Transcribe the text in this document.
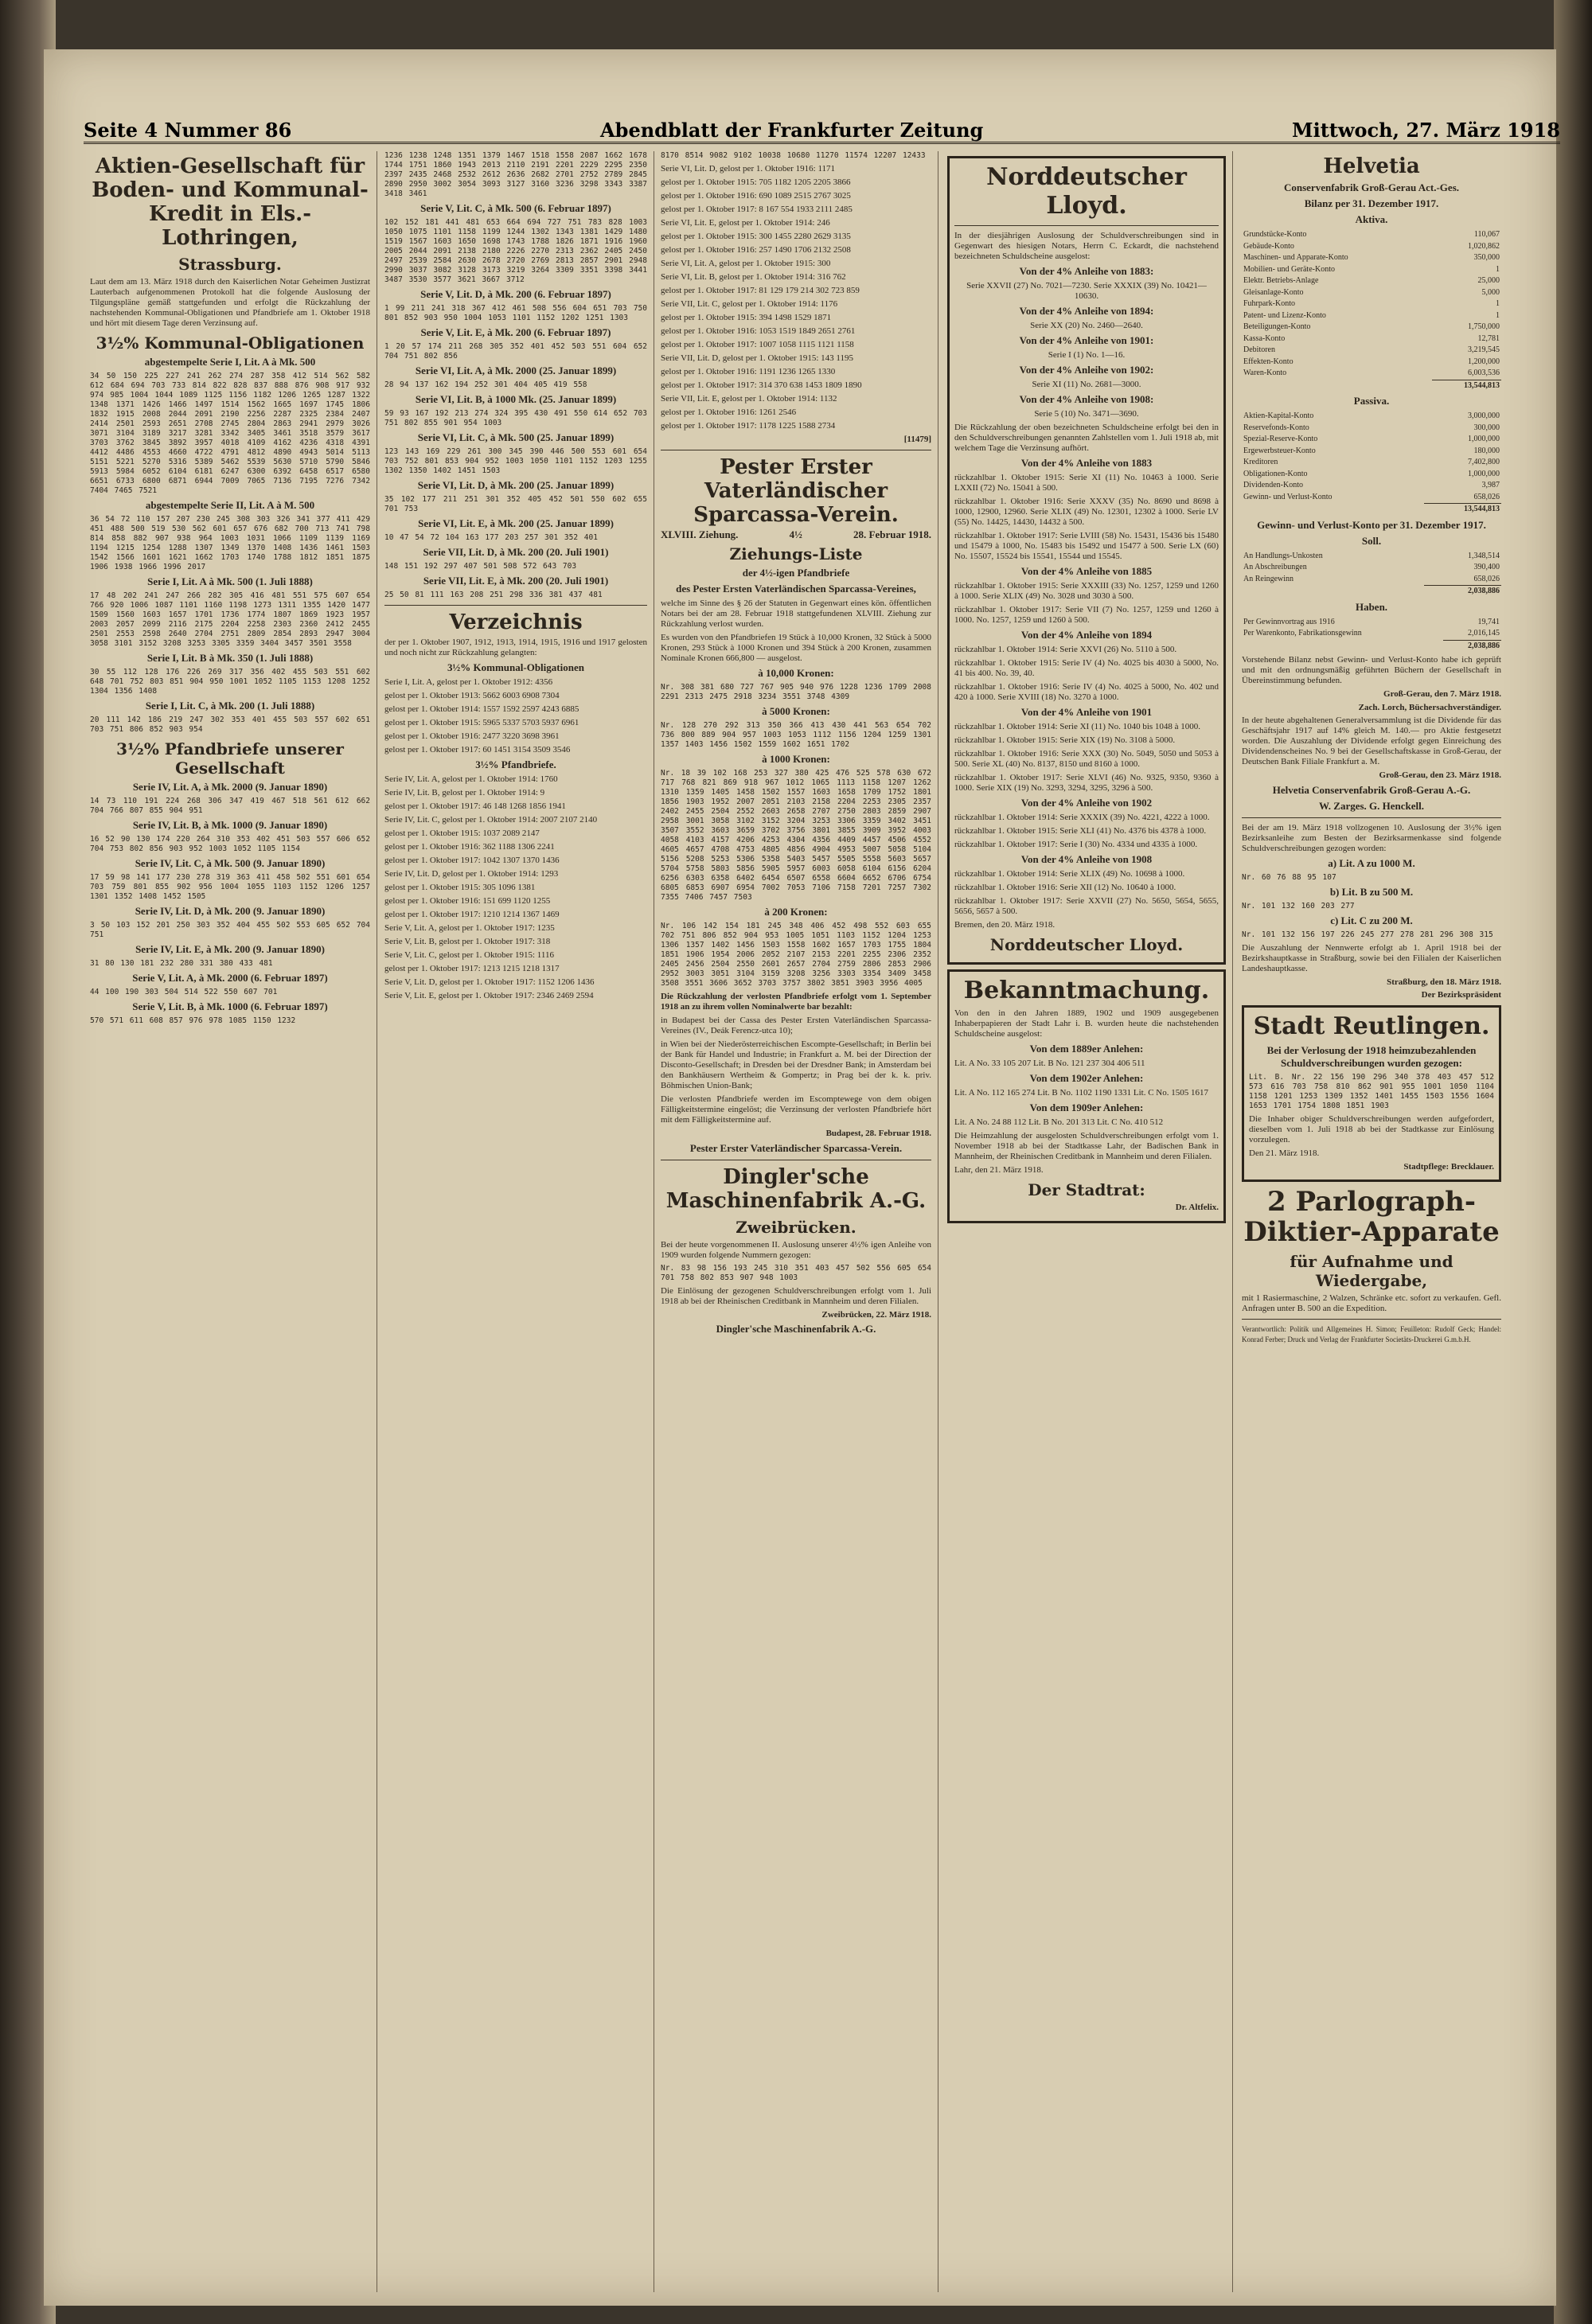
Seite 4 Nummer 86	Abendblatt der Frankfurter Zeitung	Mittwoch, 27. März 1918
Aktien-Gesellschaft für Boden- und Kommunal-Kredit in Els.-Lothringen,
Strassburg.
Laut dem am 13. März 1918 durch den Kaiserlichen Notar Geheimen Justizrat Lauterbach aufgenommenen Protokoll hat die folgende Auslosung der Tilgungspläne gemäß stattgefunden und erfolgt die Rückzahlung der nachstehenden Kommunal-Obligationen und Pfandbriefe am 1. Oktober 1918 und hört mit diesem Tage deren Verzinsung auf.
3½% Kommunal-Obligationen
abgestempelte Serie I, Lit. A à Mk. 500
34 50 150 225 227 241 262 274 287 358 412 514 562 582 612 684 694 703 733 814 822 828 837 888 876 908 917 932 974 985 1004 1044 1089 1125 1156 1182 1206 1265 1287 1322 1348 1371 1426 1466 1497 1514 1562 1665 1697 1745 1806 1832 1915 2008 2044 2091 2190 2256 2287 2325 2384 2407 2414 2501 2593 2651 2708 2745 2804 2863 2941 2979 3026 3071 3104 3189 3217 3281 3342 3405 3461 3518 3579 3617 3703 3762 3845 3892 3957 4018 4109 4162 4236 4318 4391 4412 4486 4553 4660 4722 4791 4812 4890 4943 5014 5113 5151 5221 5270 5316 5389 5462 5539 5630 5710 5790 5846 5913 5984 6052 6104 6181 6247 6300 6392 6458 6517 6580 6651 6733 6800 6871 6944 7009 7065 7136 7195 7276 7342 7404 7465 7521
abgestempelte Serie II, Lit. A à M. 500
36 54 72 110 157 207 230 245 308 303 326 341 377 411 429 451 488 500 519 530 562 601 657 676 682 700 713 741 798 814 858 882 907 938 964 1003 1031 1066 1109 1139 1169 1194 1215 1254 1288 1307 1349 1370 1408 1436 1461 1503 1542 1566 1601 1621 1662 1703 1740 1788 1812 1851 1875 1906 1938 1966 1996 2017
Serie I, Lit. A à Mk. 500 (1. Juli 1888)
17 48 202 241 247 266 282 305 416 481 551 575 607 654 766 920 1006 1087 1101 1160 1198 1273 1311 1355 1420 1477 1509 1560 1603 1657 1701 1736 1774 1807 1869 1923 1957 2003 2057 2099 2116 2175 2204 2258 2303 2360 2412 2455 2501 2553 2598 2640 2704 2751 2809 2854 2893 2947 3004 3058 3101 3152 3208 3253 3305 3359 3404 3457 3501 3558
Serie I, Lit. B à Mk. 350 (1. Juli 1888)
30 55 112 128 176 226 269 317 356 402 455 503 551 602 648 701 752 803 851 904 950 1001 1052 1105 1153 1208 1252 1304 1356 1408
Serie I, Lit. C, à Mk. 200 (1. Juli 1888)
20 111 142 186 219 247 302 353 401 455 503 557 602 651 703 751 806 852 903 954
3½% Pfandbriefe unserer Gesellschaft
Serie IV, Lit. A, à Mk. 2000 (9. Januar 1890)
14 73 110 191 224 268 306 347 419 467 518 561 612 662 704 766 807 855 904 951
Serie IV, Lit. B, à Mk. 1000 (9. Januar 1890)
16 52 90 130 174 220 264 310 353 402 451 503 557 606 652 704 753 802 856 903 952 1003 1052 1105 1154
Serie IV, Lit. C, à Mk. 500 (9. Januar 1890)
17 59 98 141 177 230 278 319 363 411 458 502 551 601 654 703 759 801 855 902 956 1004 1055 1103 1152 1206 1257 1301 1352 1408 1452 1505
Serie IV, Lit. D, à Mk. 200 (9. Januar 1890)
3 50 103 152 201 250 303 352 404 455 502 553 605 652 704 751
Serie IV, Lit. E, à Mk. 200 (9. Januar 1890)
31 80 130 181 232 280 331 380 433 481
Serie V, Lit. A, à Mk. 2000 (6. Februar 1897)
44 100 190 303 504 514 522 550 607 701
Serie V, Lit. B, à Mk. 1000 (6. Februar 1897)
570 571 611 608 857 976 978 1085 1150 1232
1236 1238 1248 1351 1379 1467 1518 1558 2087 1662 1678 1744 1751 1860 1943 2013 2110 2191 2201 2229 2295 2350 2397 2435 2468 2532 2612 2636 2682 2701 2752 2789 2845 2890 2950 3002 3054 3093 3127 3160 3236 3298 3343 3387 3418 3461
Serie V, Lit. C, à Mk. 500 (6. Februar 1897)
102 152 181 441 481 653 664 694 727 751 783 828 1003 1050 1075 1101 1158 1199 1244 1302 1343 1381 1429 1480 1519 1567 1603 1650 1698 1743 1788 1826 1871 1916 1960 2005 2044 2091 2138 2180 2226 2270 2313 2362 2405 2450 2497 2539 2584 2630 2678 2720 2769 2813 2857 2901 2948 2990 3037 3082 3128 3173 3219 3264 3309 3351 3398 3441 3487 3530 3577 3621 3667 3712
Serie V, Lit. D, à Mk. 200 (6. Februar 1897)
1 99 211 241 318 367 412 461 508 556 604 651 703 750 801 852 903 950 1004 1053 1101 1152 1202 1251 1303
Serie V, Lit. E, à Mk. 200 (6. Februar 1897)
1 20 57 174 211 268 305 352 401 452 503 551 604 652 704 751 802 856
Serie VI, Lit. A, à Mk. 2000 (25. Januar 1899)
28 94 137 162 194 252 301 404 405 419 558
Serie VI, Lit. B, à 1000 Mk. (25. Januar 1899)
59 93 167 192 213 274 324 395 430 491 550 614 652 703 751 802 855 901 954 1003
Serie VI, Lit. C, à Mk. 500 (25. Januar 1899)
123 143 169 229 261 300 345 390 446 500 553 601 654 703 752 801 853 904 952 1003 1050 1101 1152 1203 1255 1302 1350 1402 1451 1503
Serie VI, Lit. D, à Mk. 200 (25. Januar 1899)
35 102 177 211 251 301 352 405 452 501 550 602 655 701 753
Serie VI, Lit. E, à Mk. 200 (25. Januar 1899)
10 47 54 72 104 163 177 203 257 301 352 401
Serie VII, Lit. D, à Mk. 200 (20. Juli 1901)
148 151 192 297 407 501 508 572 643 703
Serie VII, Lit. E, à Mk. 200 (20. Juli 1901)
25 50 81 111 163 208 251 298 336 381 437 481
Verzeichnis
der per 1. Oktober 1907, 1912, 1913, 1914, 1915, 1916 und 1917 gelosten und noch nicht zur Rückzahlung gelangten:
3½% Kommunal-Obligationen
Serie I, Lit. A, gelost per 1. Oktober 1912: 4356
gelost per 1. Oktober 1913: 5662 6003 6908 7304
gelost per 1. Oktober 1914: 1557 1592 2597 4243 6885
gelost per 1. Oktober 1915: 5965 5337 5703 5937 6961
gelost per 1. Oktober 1916: 2477 3220 3698 3961
gelost per 1. Oktober 1917: 60 1451 3154 3509 3546
3½% Pfandbriefe.
Serie IV, Lit. A, gelost per 1. Oktober 1914: 1760
Serie IV, Lit. B, gelost per 1. Oktober 1914: 9
gelost per 1. Oktober 1917: 46 148 1268 1856 1941
Serie IV, Lit. C, gelost per 1. Oktober 1914: 2007 2107 2140
gelost per 1. Oktober 1915: 1037 2089 2147
gelost per 1. Oktober 1916: 362 1188 1306 2241
gelost per 1. Oktober 1917: 1042 1307 1370 1436
Serie IV, Lit. D, gelost per 1. Oktober 1914: 1293
gelost per 1. Oktober 1915: 305 1096 1381
gelost per 1. Oktober 1916: 151 699 1120 1255
gelost per 1. Oktober 1917: 1210 1214 1367 1469
Serie V, Lit. A, gelost per 1. Oktober 1917: 1235
Serie V, Lit. B, gelost per 1. Oktober 1917: 318
Serie V, Lit. C, gelost per 1. Oktober 1915: 1116
gelost per 1. Oktober 1917: 1213 1215 1218 1317
Serie V, Lit. D, gelost per 1. Oktober 1917: 1152 1206 1436
Serie V, Lit. E, gelost per 1. Oktober 1917: 2346 2469 2594
8170 8514 9082 9102 10038 10680 11270 11574 12207 12433
Serie VI, Lit. D, gelost per 1. Oktober 1916: 1171
gelost per 1. Oktober 1915: 705 1182 1205 2205 3866
gelost per 1. Oktober 1916: 690 1089 2515 2767 3025
gelost per 1. Oktober 1917: 8 167 554 1933 2111 2485
Serie VI, Lit. E, gelost per 1. Oktober 1914: 246
gelost per 1. Oktober 1915: 300 1455 2280 2629 3135
gelost per 1. Oktober 1916: 257 1490 1706 2132 2508
Serie VI, Lit. A, gelost per 1. Oktober 1915: 300
Serie VI, Lit. B, gelost per 1. Oktober 1914: 316 762
gelost per 1. Oktober 1917: 81 129 179 214 302 723 859
Serie VII, Lit. C, gelost per 1. Oktober 1914: 1176
gelost per 1. Oktober 1915: 394 1498 1529 1871
gelost per 1. Oktober 1916: 1053 1519 1849 2651 2761
gelost per 1. Oktober 1917: 1007 1058 1115 1121 1158
Serie VII, Lit. D, gelost per 1. Oktober 1915: 143 1195
gelost per 1. Oktober 1916: 1191 1236 1265 1330
gelost per 1. Oktober 1917: 314 370 638 1453 1809 1890
Serie VII, Lit. E, gelost per 1. Oktober 1914: 1132
gelost per 1. Oktober 1916: 1261 2546
gelost per 1. Oktober 1917: 1178 1225 1588 2734
[11479]
Pester Erster Vaterländischer Sparcassa-Verein.
XLVIII. Ziehung.	4½	28. Februar 1918.
Ziehungs-Liste
der 4½-igen Pfandbriefe
des Pester Ersten Vaterländischen Sparcassa-Vereines,
welche im Sinne des § 26 der Statuten in Gegenwart eines kön. öffentlichen Notars bei der am 28. Februar 1918 stattgefundenen XLVIII. Ziehung zur Rückzahlung verlost wurden.
Es wurden von den Pfandbriefen 19 Stück à 10,000 Kronen, 32 Stück à 5000 Kronen, 293 Stück à 1000 Kronen und 394 Stück à 200 Kronen, zusammen Nominale Kronen 666,800 — ausgelost.
à 10,000 Kronen:
Nr. 308 381 680 727 767 905 940 976 1228 1236 1709 2008 2291 2313 2475 2918 3234 3551 3748 4309
à 5000 Kronen:
Nr. 128 270 292 313 350 366 413 430 441 563 654 702 736 800 889 904 957 1003 1053 1112 1156 1204 1259 1301 1357 1403 1456 1502 1559 1602 1651 1702
à 1000 Kronen:
Nr. 18 39 102 168 253 327 380 425 476 525 578 630 672 717 768 821 869 918 967 1012 1065 1113 1158 1207 1262 1310 1359 1405 1458 1502 1557 1603 1658 1709 1752 1801 1856 1903 1952 2007 2051 2103 2158 2204 2253 2305 2357 2402 2455 2504 2552 2603 2658 2707 2750 2803 2859 2907 2958 3001 3058 3102 3152 3204 3253 3306 3359 3402 3451 3507 3552 3603 3659 3702 3756 3801 3855 3909 3952 4003 4058 4103 4157 4206 4253 4304 4356 4409 4457 4506 4552 4605 4657 4708 4753 4805 4856 4904 4953 5007 5058 5104 5156 5208 5253 5306 5358 5403 5457 5505 5558 5603 5657 5704 5758 5803 5856 5905 5957 6003 6058 6104 6156 6204 6256 6303 6358 6402 6454 6507 6558 6604 6652 6706 6754 6805 6853 6907 6954 7002 7053 7106 7158 7201 7257 7302 7355 7406 7457 7503
à 200 Kronen:
Nr. 106 142 154 181 245 348 406 452 498 552 603 655 702 751 806 852 904 953 1005 1051 1103 1152 1204 1253 1306 1357 1402 1456 1503 1558 1602 1657 1703 1755 1804 1851 1906 1954 2006 2052 2107 2153 2201 2255 2306 2352 2405 2456 2504 2550 2601 2657 2704 2759 2806 2853 2906 2952 3003 3051 3104 3159 3208 3256 3303 3354 3409 3458 3508 3551 3606 3652 3703 3757 3802 3851 3903 3956 4005
Die Rückzahlung der verlosten Pfandbriefe erfolgt vom 1. September 1918 an zu ihrem vollen Nominalwerte bar bezahlt:
in Budapest bei der Cassa des Pester Ersten Vaterländischen Sparcassa-Vereines (IV., Deák Ferencz-utca 10);
in Wien bei der Niederösterreichischen Escompte-Gesellschaft; in Berlin bei der Bank für Handel und Industrie; in Frankfurt a. M. bei der Direction der Disconto-Gesellschaft; in Dresden bei der Dresdner Bank; in Amsterdam bei den Bankhäusern Wertheim & Gompertz; in Prag bei der k. k. priv. Böhmischen Union-Bank;
Die verlosten Pfandbriefe werden im Escomptewege von dem obigen Fälligkeitstermine eingelöst; die Verzinsung der verlosten Pfandbriefe hört mit dem Fälligkeitstermine auf.
Budapest, 28. Februar 1918.
Pester Erster Vaterländischer Sparcassa-Verein.
Dingler'sche Maschinenfabrik A.-G.
Zweibrücken.
Bei der heute vorgenommenen II. Auslosung unserer 4½% igen Anleihe von 1909 wurden folgende Nummern gezogen:
Nr. 83 98 156 193 245 310 351 403 457 502 556 605 654 701 758 802 853 907 948 1003
Die Einlösung der gezogenen Schuldverschreibungen erfolgt vom 1. Juli 1918 ab bei der Rheinischen Creditbank in Mannheim und deren Filialen.
Zweibrücken, 22. März 1918.
Dingler'sche Maschinenfabrik A.-G.
Norddeutscher Lloyd.
In der diesjährigen Auslosung der Schuldverschreibungen sind in Gegenwart des hiesigen Notars, Herrn C. Eckardt, die nachstehend bezeichneten Schuldscheine ausgelost:
Von der 4% Anleihe von 1883:
Serie XXVII (27) No. 7021—7230. Serie XXXIX (39) No. 10421—10630.
Von der 4% Anleihe von 1894:
Serie XX (20) No. 2460—2640.
Von der 4% Anleihe von 1901:
Serie I (1) No. 1—16.
Von der 4% Anleihe von 1902:
Serie XI (11) No. 2681—3000.
Von der 4% Anleihe von 1908:
Serie 5 (10) No. 3471—3690.
Die Rückzahlung der oben bezeichneten Schuldscheine erfolgt bei den in den Schuldverschreibungen genannten Zahlstellen vom 1. Juli 1918 ab, mit welchem Tage die Verzinsung aufhört.
Von der 4% Anleihe von 1883
rückzahlbar 1. Oktober 1915: Serie XI (11) No. 10463 à 1000. Serie LXXII (72) No. 15041 à 500.
rückzahlbar 1. Oktober 1916: Serie XXXV (35) No. 8690 und 8698 à 1000, 12900, 12960. Serie XLIX (49) No. 12301, 12302 à 1000. Serie LV (55) No. 14425, 14430, 14432 à 500.
rückzahlbar 1. Oktober 1917: Serie LVIII (58) No. 15431, 15436 bis 15480 und 15479 à 1000, No. 15483 bis 15492 und 15477 à 500. Serie LX (60) No. 15507, 15524 bis 15541, 15544 und 15545.
Von der 4% Anleihe von 1885
rückzahlbar 1. Oktober 1915: Serie XXXIII (33) No. 1257, 1259 und 1260 à 1000. Serie XLIX (49) No. 3028 und 3030 à 500.
rückzahlbar 1. Oktober 1917: Serie VII (7) No. 1257, 1259 und 1260 à 1000. No. 1257, 1259 und 1260 à 500.
Von der 4% Anleihe von 1894
rückzahlbar 1. Oktober 1914: Serie XXVI (26) No. 5110 à 500.
rückzahlbar 1. Oktober 1915: Serie IV (4) No. 4025 bis 4030 à 5000, No. 41 bis 400. No. 39, 40.
rückzahlbar 1. Oktober 1916: Serie IV (4) No. 4025 à 5000, No. 402 und 420 à 1000. Serie XVIII (18) No. 3270 à 1000.
Von der 4% Anleihe von 1901
rückzahlbar 1. Oktober 1914: Serie XI (11) No. 1040 bis 1048 à 1000.
rückzahlbar 1. Oktober 1915: Serie XIX (19) No. 3108 à 5000.
rückzahlbar 1. Oktober 1916: Serie XXX (30) No. 5049, 5050 und 5053 à 500. Serie XL (40) No. 8137, 8150 und 8160 à 1000.
rückzahlbar 1. Oktober 1917: Serie XLVI (46) No. 9325, 9350, 9360 à 1000. Serie XIX (19) No. 3293, 3294, 3295, 3296 à 500.
Von der 4% Anleihe von 1902
rückzahlbar 1. Oktober 1914: Serie XXXIX (39) No. 4221, 4222 à 1000.
rückzahlbar 1. Oktober 1915: Serie XLI (41) No. 4376 bis 4378 à 1000.
rückzahlbar 1. Oktober 1917: Serie I (30) No. 4334 und 4335 à 1000.
Von der 4% Anleihe von 1908
rückzahlbar 1. Oktober 1914: Serie XLIX (49) No. 10698 à 1000.
rückzahlbar 1. Oktober 1916: Serie XII (12) No. 10640 à 1000.
rückzahlbar 1. Oktober 1917: Serie XXVII (27) No. 5650, 5654, 5655, 5656, 5657 à 500.
Bremen, den 20. März 1918.
Norddeutscher Lloyd.
Bekanntmachung.
Von den in den Jahren 1889, 1902 und 1909 ausgegebenen Inhaberpapieren der Stadt Lahr i. B. wurden heute die nachstehenden Schuldscheine ausgelost:
Von dem 1889er Anlehen:
Lit. A No. 33 105 207 Lit. B No. 121 237 304 406 511
Von dem 1902er Anlehen:
Lit. A No. 112 165 274 Lit. B No. 1102 1190 1331 Lit. C No. 1505 1617
Von dem 1909er Anlehen:
Lit. A No. 24 88 112 Lit. B No. 201 313 Lit. C No. 410 512
Die Heimzahlung der ausgelosten Schuldverschreibungen erfolgt vom 1. November 1918 ab bei der Stadtkasse Lahr, der Badischen Bank in Mannheim, der Rheinischen Creditbank in Mannheim und deren Filialen.
Lahr, den 21. März 1918.
Der Stadtrat:
Dr. Altfelix.
Helvetia
Conservenfabrik Groß-Gerau Act.-Ges.
Bilanz per 31. Dezember 1917.
Aktiva.
Grundstücke-Konto	110,067
Gebäude-Konto	1,020,862
Maschinen- und Apparate-Konto	350,000
Mobilien- und Geräte-Konto	1
Elektr. Betriebs-Anlage	25,000
Gleisanlage-Konto	5,000
Fuhrpark-Konto	1
Patent- und Lizenz-Konto	1
Beteiligungen-Konto	1,750,000
Kassa-Konto	12,781
Debitoren	3,219,545
Effekten-Konto	1,200,000
Waren-Konto	6,003,536
	13,544,813
Passiva.
Aktien-Kapital-Konto	3,000,000
Reservefonds-Konto	300,000
Spezial-Reserve-Konto	1,000,000
Ergewerbsteuer-Konto	180,000
Kreditoren	7,402,800
Obligationen-Konto	1,000,000
Dividenden-Konto	3,987
Gewinn- und Verlust-Konto	658,026
	13,544,813
Gewinn- und Verlust-Konto per 31. Dezember 1917.
Soll.
An Handlungs-Unkosten	1,348,514
An Abschreibungen	390,400
An Reingewinn	658,026
	2,038,886
Haben.
Per Gewinnvortrag aus 1916	19,741
Per Warenkonto, Fabrikationsgewinn	2,016,145
	2,038,886
Vorstehende Bilanz nebst Gewinn- und Verlust-Konto habe ich geprüft und mit den ordnungsmäßig geführten Büchern der Gesellschaft in Übereinstimmung befunden.
Groß-Gerau, den 7. März 1918.
Zach. Lorch, Büchersachverständiger.
In der heute abgehaltenen Generalversammlung ist die Dividende für das Geschäftsjahr 1917 auf 14% gleich M. 140.— pro Aktie festgesetzt worden. Die Auszahlung der Dividende erfolgt gegen Einreichung des Dividendenscheines No. 9 bei der Gesellschaftskasse in Groß-Gerau, der Deutschen Bank Filiale Frankfurt a. M.
Groß-Gerau, den 23. März 1918.
Helvetia Conservenfabrik Groß-Gerau A.-G.
W. Zarges. G. Henckell.
Bei der am 19. März 1918 vollzogenen 10. Auslosung der 3½% igen Bezirksanleihe zum Besten der Bezirksarmenkasse sind folgende Schuldverschreibungen gezogen worden:
a) Lit. A zu 1000 M.
Nr. 60 76 88 95 107
b) Lit. B zu 500 M.
Nr. 101 132 160 203 277
c) Lit. C zu 200 M.
Nr. 101 132 156 197 226 245 277 278 281 296 308 315
Die Auszahlung der Nennwerte erfolgt ab 1. April 1918 bei der Bezirkshauptkasse in Straßburg, sowie bei den Filialen der Kaiserlichen Landeshauptkasse.
Straßburg, den 18. März 1918.
Der Bezirkspräsident
Stadt Reutlingen.
Bei der Verlosung der 1918 heimzubezahlenden Schuldverschreibungen wurden gezogen:
Lit. B. Nr. 22 156 190 296 340 378 403 457 512 573 616 703 758 810 862 901 955 1001 1050 1104 1158 1201 1253 1309 1352 1401 1455 1503 1556 1604 1653 1701 1754 1808 1851 1903
Die Inhaber obiger Schuldverschreibungen werden aufgefordert, dieselben vom 1. Juli 1918 ab bei der Stadtkasse zur Einlösung vorzulegen.
Den 21. März 1918.
Stadtpflege: Brecklauer.
2 Parlograph-Diktier-Apparate
für Aufnahme und Wiedergabe,
mit 1 Rasiermaschine, 2 Walzen, Schränke etc. sofort zu verkaufen. Gefl. Anfragen unter B. 500 an die Expedition.
Verantwortlich: Politik und Allgemeines H. Simon; Feuilleton: Rudolf Geck; Handel: Konrad Ferber; Druck und Verlag der Frankfurter Societäts-Druckerei G.m.b.H.
